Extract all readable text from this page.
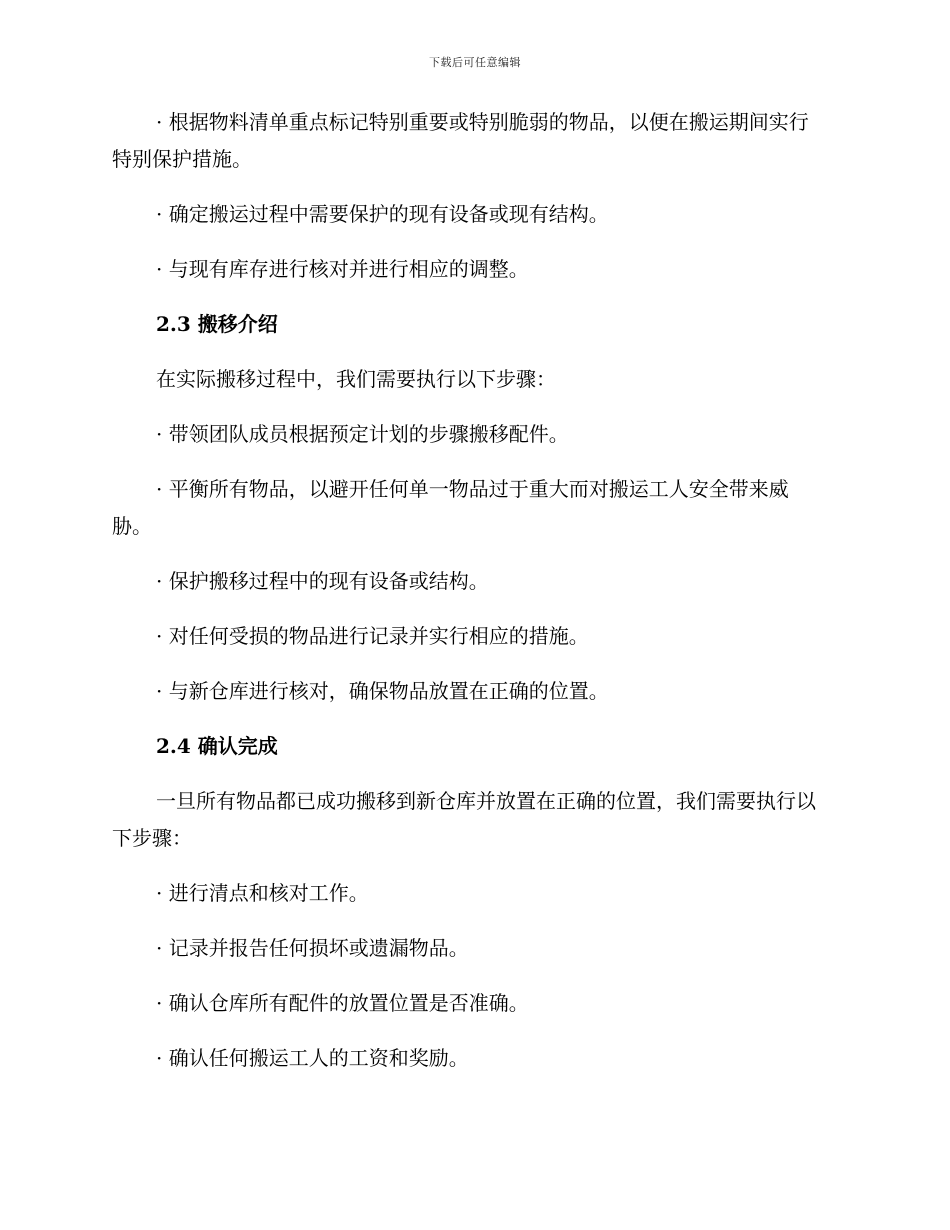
下载后可任意编辑

· 根据物料清单重点标记特别重要或特别脆弱的物品，以便在搬运期间实行特别保护措施。

· 确定搬运过程中需要保护的现有设备或现有结构。

· 与现有库存进行核对并进行相应的调整。

2.3 搬移介绍

在实际搬移过程中，我们需要执行以下步骤：

· 带领团队成员根据预定计划的步骤搬移配件。

· 平衡所有物品，以避开任何单一物品过于重大而对搬运工人安全带来威胁。

· 保护搬移过程中的现有设备或结构。

· 对任何受损的物品进行记录并实行相应的措施。

· 与新仓库进行核对，确保物品放置在正确的位置。

2.4 确认完成

一旦所有物品都已成功搬移到新仓库并放置在正确的位置，我们需要执行以下步骤：

· 进行清点和核对工作。

· 记录并报告任何损坏或遗漏物品。

· 确认仓库所有配件的放置位置是否准确。

· 确认任何搬运工人的工资和奖励。
